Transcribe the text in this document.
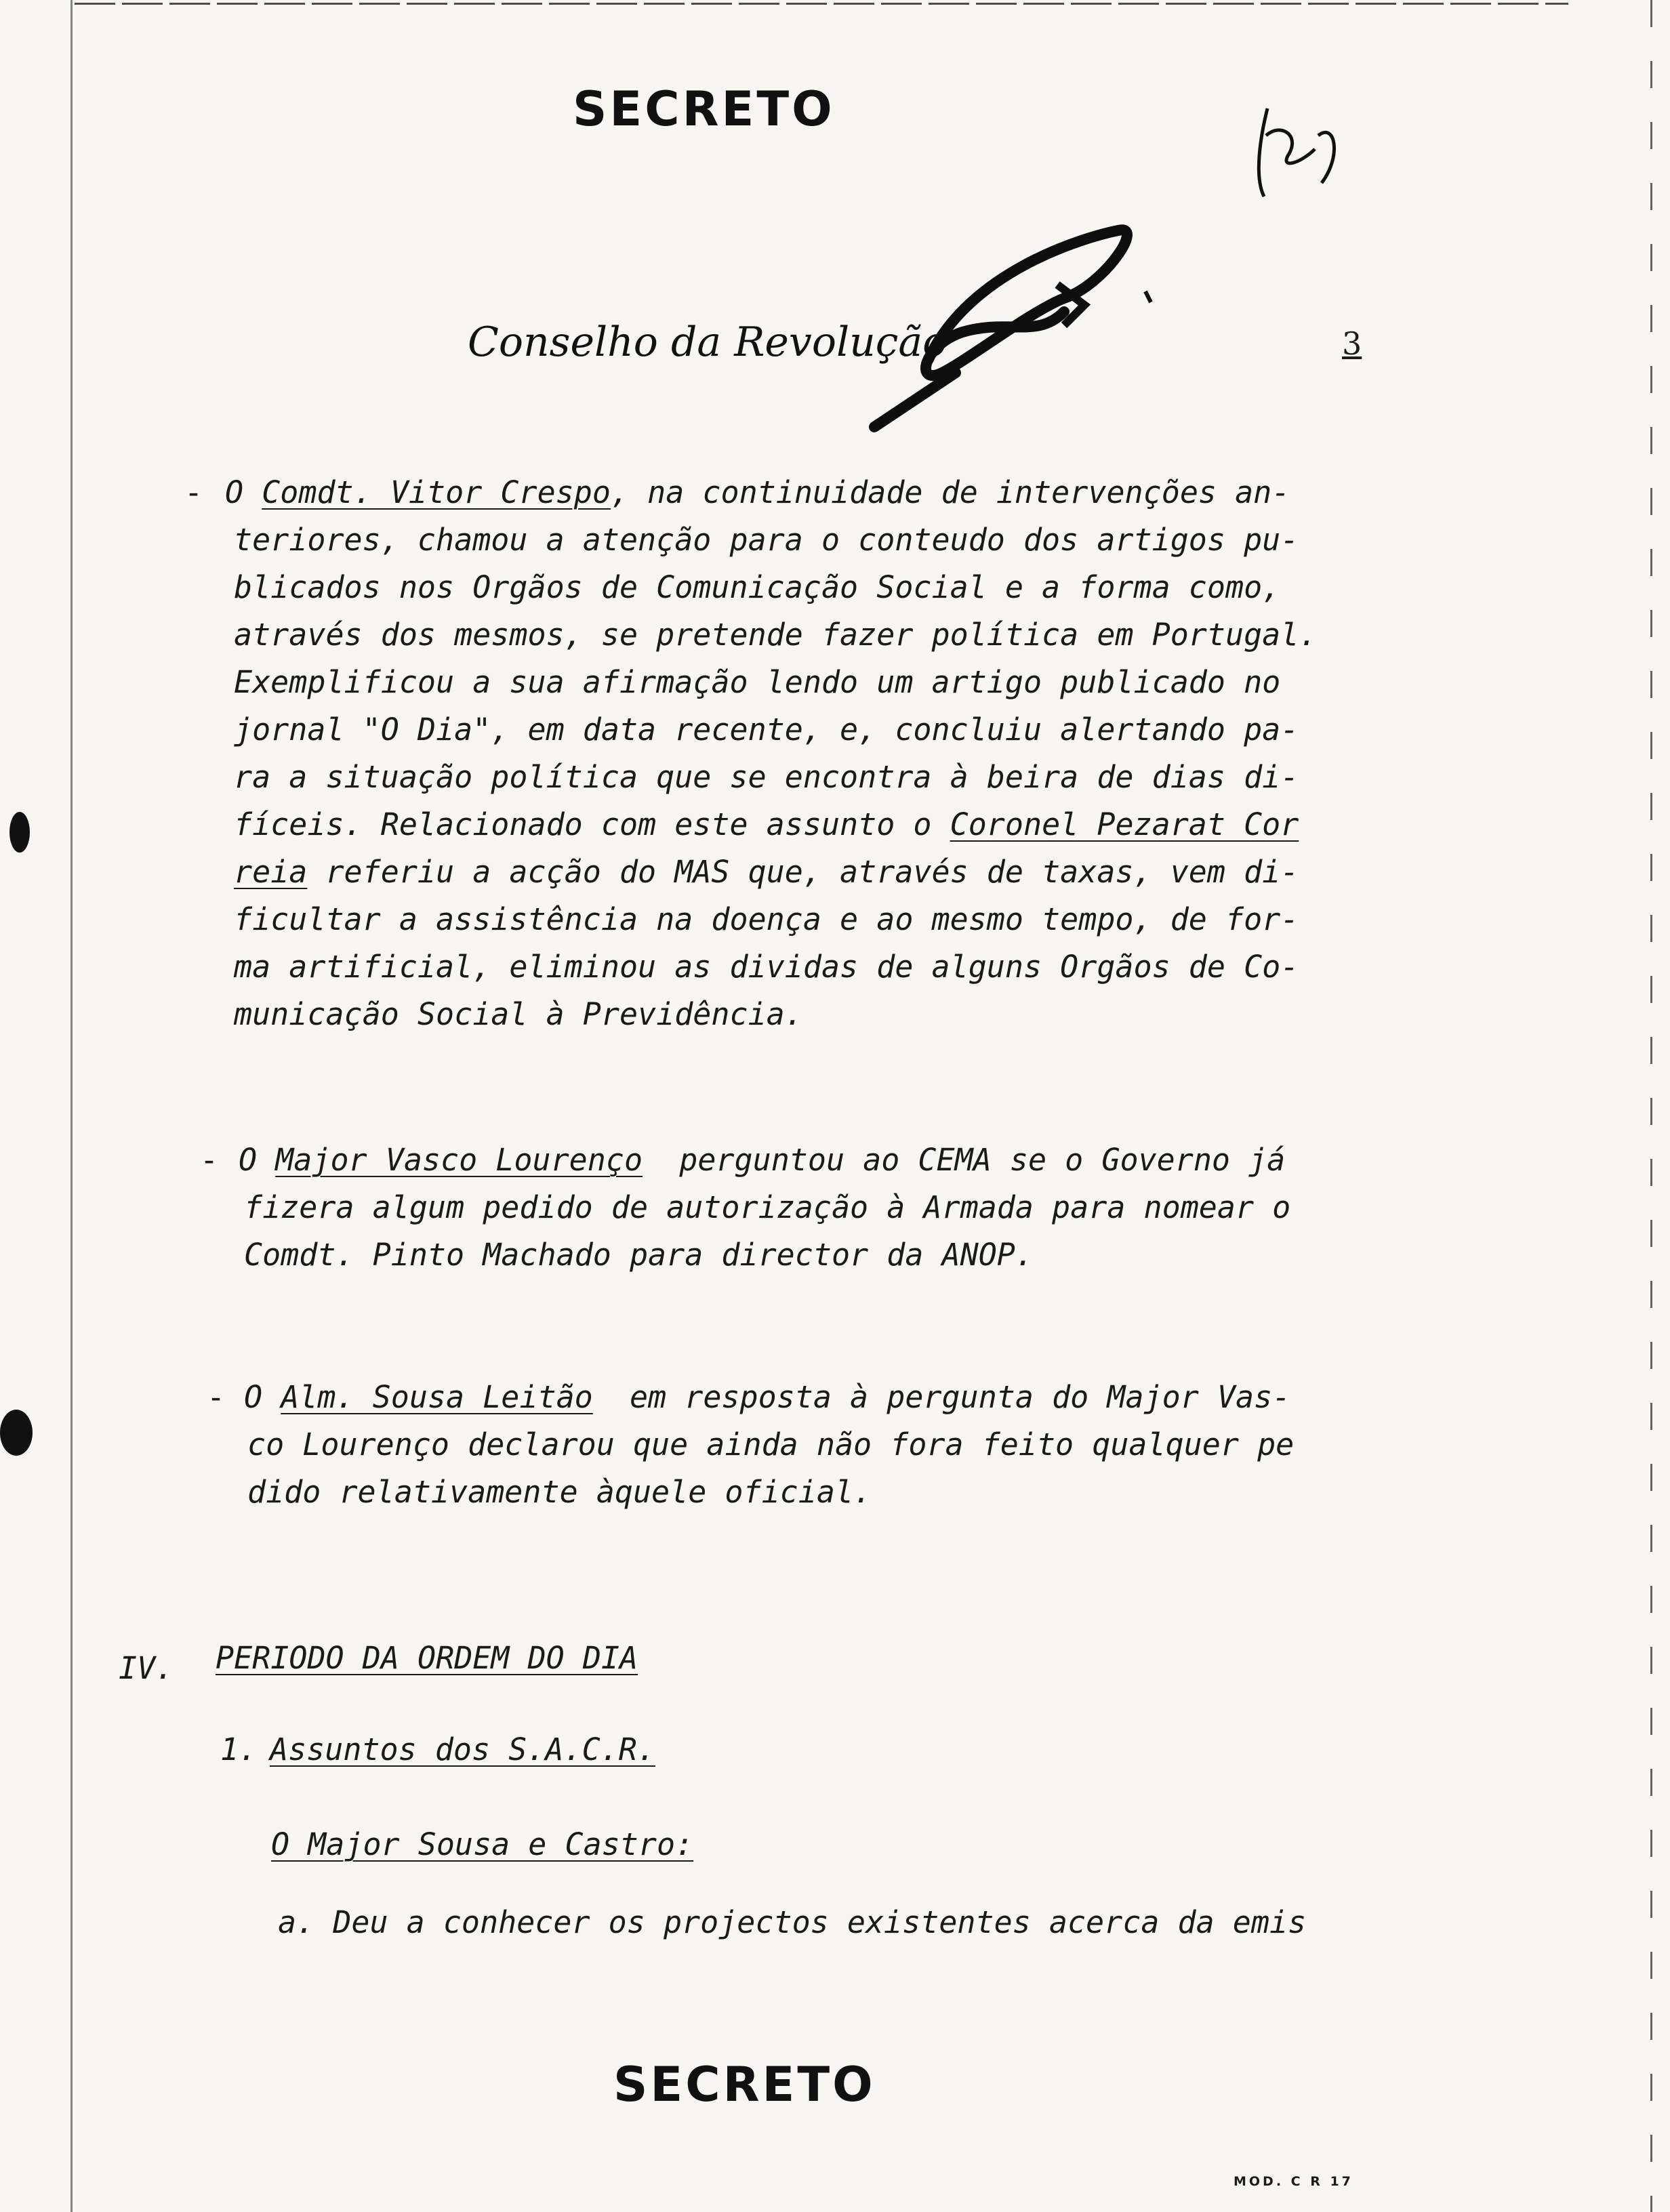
SECRETO
Conselho da Revolução	3
- O Comdt. Vitor Crespo, na continuidade de intervenções an-
teriores, chamou a atenção para o conteudo dos artigos pu-
blicados nos Orgãos de Comunicação Social e a forma como,
através dos mesmos, se pretende fazer política em Portugal.
Exemplificou a sua afirmação lendo um artigo publicado no
jornal "O Dia", em data recente, e, concluiu alertando pa-
ra a situação política que se encontra à beira de dias di-
fíceis. Relacionado com este assunto o Coronel Pezarat Cor
reia referiu a acção do MAS que, através de taxas, vem di-
ficultar a assistência na doença e ao mesmo tempo, de for-
ma artificial, eliminou as dividas de alguns Orgãos de Co-
municação Social à Previdência.
- O Major Vasco Lourenço  perguntou ao CEMA se o Governo já
fizera algum pedido de autorização à Armada para nomear o
Comdt. Pinto Machado para director da ANOP.
- O Alm. Sousa Leitão  em resposta à pergunta do Major Vas-
co Lourenço declarou que ainda não fora feito qualquer pe
dido relativamente àquele oficial.
IV. PERIODO DA ORDEM DO DIA
1. Assuntos dos S.A.C.R.
O Major Sousa e Castro:
a. Deu a conhecer os projectos existentes acerca da emis
SECRETO
MOD. C R 17
